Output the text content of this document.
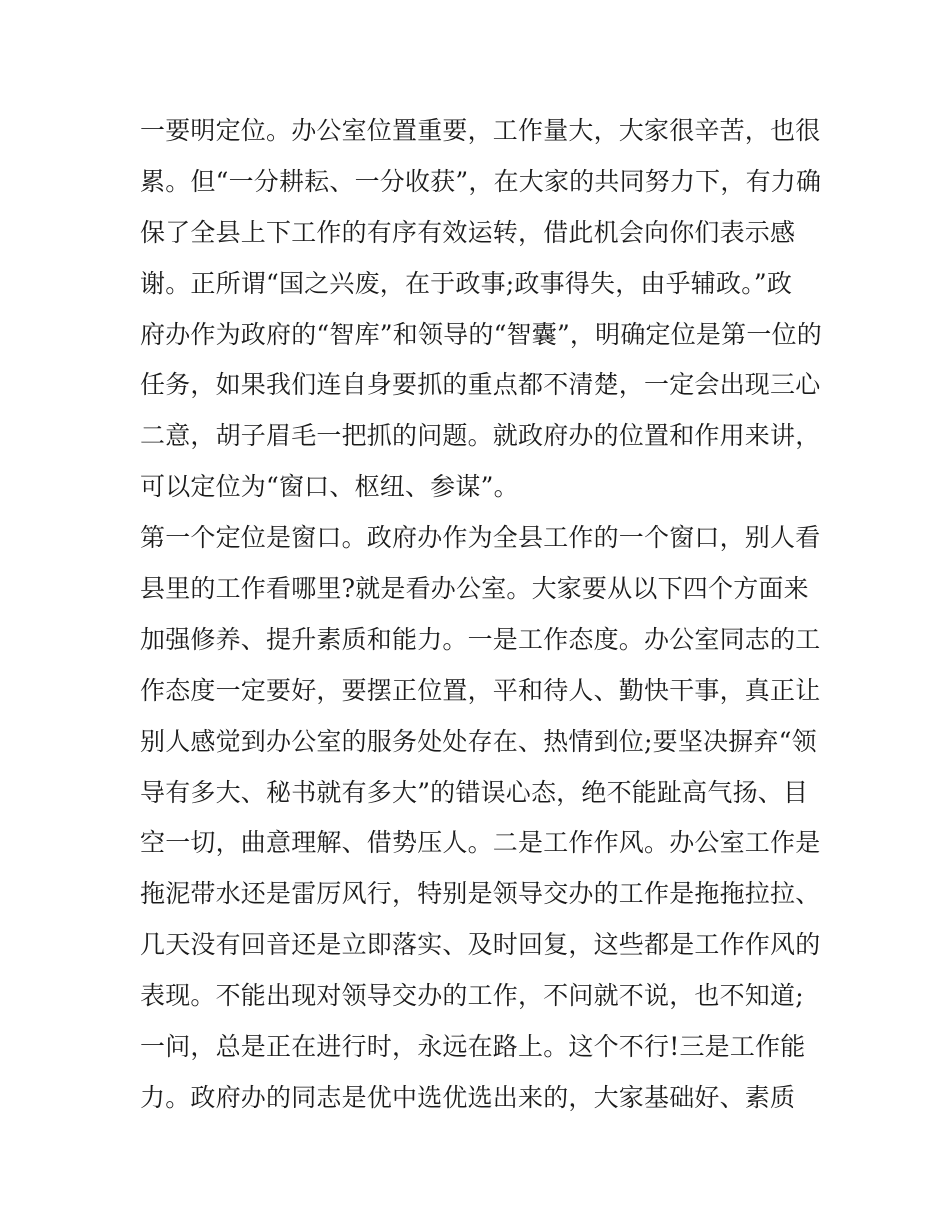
一要明定位。办公室位置重要，工作量大，大家很辛苦，也很
累。但“一分耕耘、一分收获”，在大家的共同努力下，有力确
保了全县上下工作的有序有效运转，借此机会向你们表示感
谢。正所谓“国之兴废，在于政事;政事得失，由乎辅政。”政
府办作为政府的“智库”和领导的“智囊”，明确定位是第一位的
任务，如果我们连自身要抓的重点都不清楚，一定会出现三心
二意，胡子眉毛一把抓的问题。就政府办的位置和作用来讲，
可以定位为“窗口、枢纽、参谋”。
第一个定位是窗口。政府办作为全县工作的一个窗口，别人看
县里的工作看哪里?就是看办公室。大家要从以下四个方面来
加强修养、提升素质和能力。一是工作态度。办公室同志的工
作态度一定要好，要摆正位置，平和待人、勤快干事，真正让
别人感觉到办公室的服务处处存在、热情到位;要坚决摒弃“领
导有多大、秘书就有多大”的错误心态，绝不能趾高气扬、目
空一切，曲意理解、借势压人。二是工作作风。办公室工作是
拖泥带水还是雷厉风行，特别是领导交办的工作是拖拖拉拉、
几天没有回音还是立即落实、及时回复，这些都是工作作风的
表现。不能出现对领导交办的工作，不问就不说，也不知道;
一问，总是正在进行时，永远在路上。这个不行!三是工作能
力。政府办的同志是优中选优选出来的，大家基础好、素质
